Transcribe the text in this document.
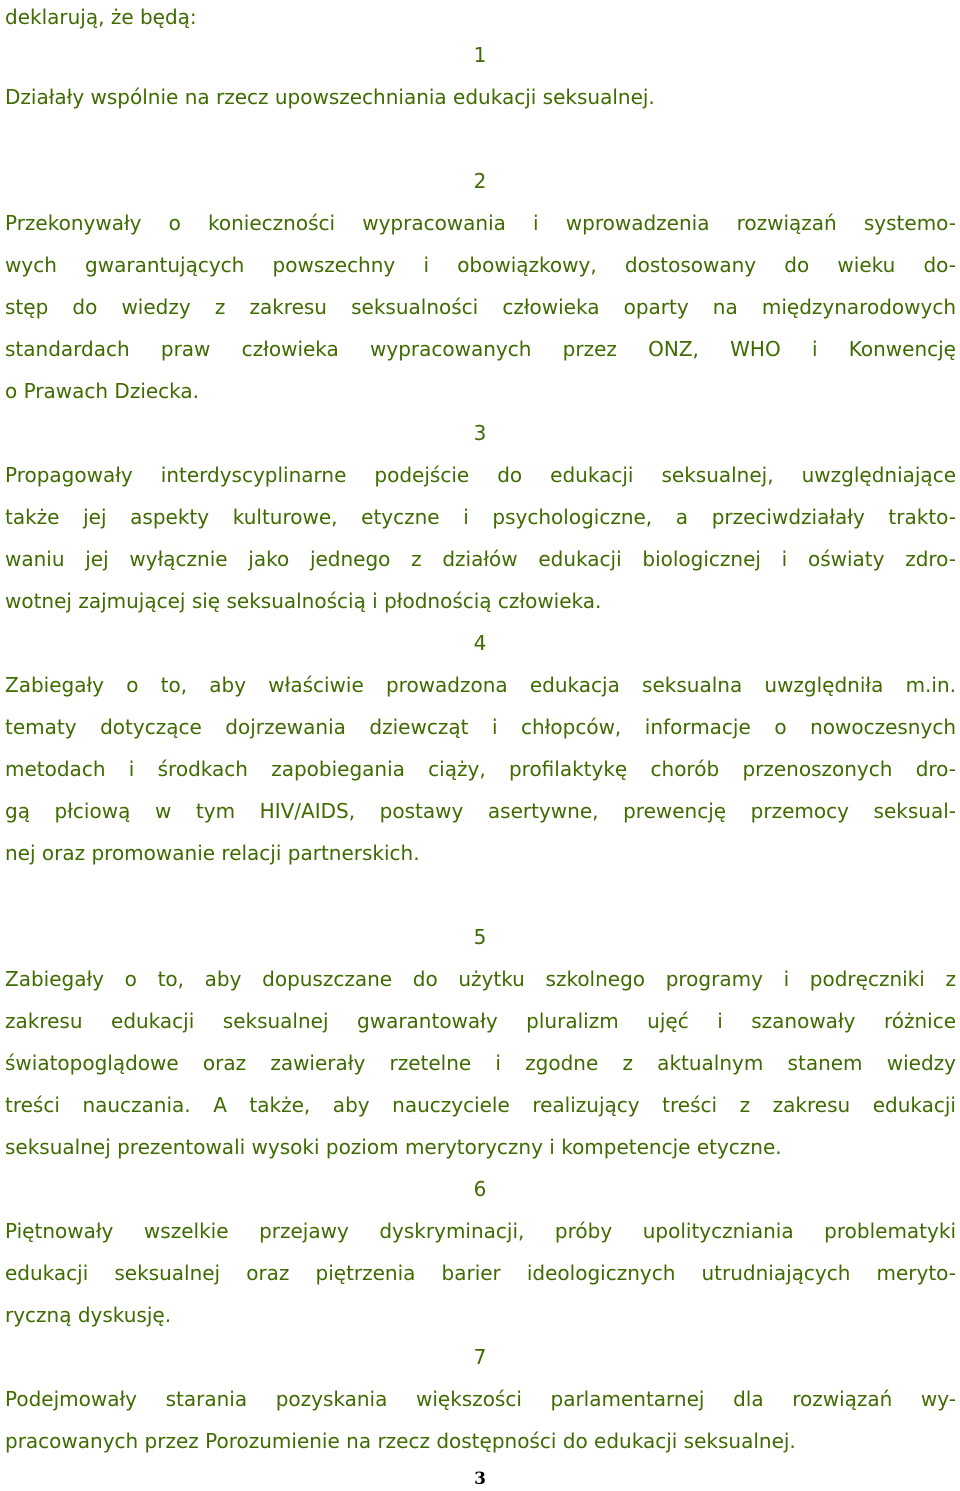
deklarują, że będą:
1
Działały wspólnie na rzecz upowszechniania edukacji seksualnej.
2
Przekonywały o konieczności wypracowania i wprowadzenia rozwiązań systemo-
wych gwarantujących powszechny i obowiązkowy, dostosowany do wieku do-
stęp do wiedzy z zakresu seksualności człowieka oparty na międzynarodowych
standardach praw człowieka wypracowanych przez ONZ, WHO i Konwencję
o Prawach Dziecka.
3
Propagowały interdyscyplinarne podejście do edukacji seksualnej, uwzględniające
także jej aspekty kulturowe, etyczne i psychologiczne, a przeciwdziałały trakto-
waniu jej wyłącznie jako jednego z działów edukacji biologicznej i oświaty zdro-
wotnej zajmującej się seksualnością i płodnością człowieka.
4
Zabiegały o to, aby właściwie prowadzona edukacja seksualna uwzględniła m.in.
tematy dotyczące dojrzewania dziewcząt i chłopców, informacje o nowoczesnych
metodach i środkach zapobiegania ciąży, profilaktykę chorób przenoszonych dro-
gą płciową w tym HIV/AIDS, postawy asertywne, prewencję przemocy seksual-
nej oraz promowanie relacji partnerskich.
5
Zabiegały o to, aby dopuszczane do użytku szkolnego programy i podręczniki z
zakresu edukacji seksualnej gwarantowały pluralizm ujęć i szanowały różnice
światopoglądowe oraz zawierały rzetelne i zgodne z aktualnym stanem wiedzy
treści nauczania. A także, aby nauczyciele realizujący treści z zakresu edukacji
seksualnej prezentowali wysoki poziom merytoryczny i kompetencje etyczne.
6
Piętnowały wszelkie przejawy dyskryminacji, próby upolityczniania problematyki
edukacji seksualnej oraz piętrzenia barier ideologicznych utrudniających meryto-
ryczną dyskusję.
7
Podejmowały starania pozyskania większości parlamentarnej dla rozwiązań wy-
pracowanych przez Porozumienie na rzecz dostępności do edukacji seksualnej.
3
